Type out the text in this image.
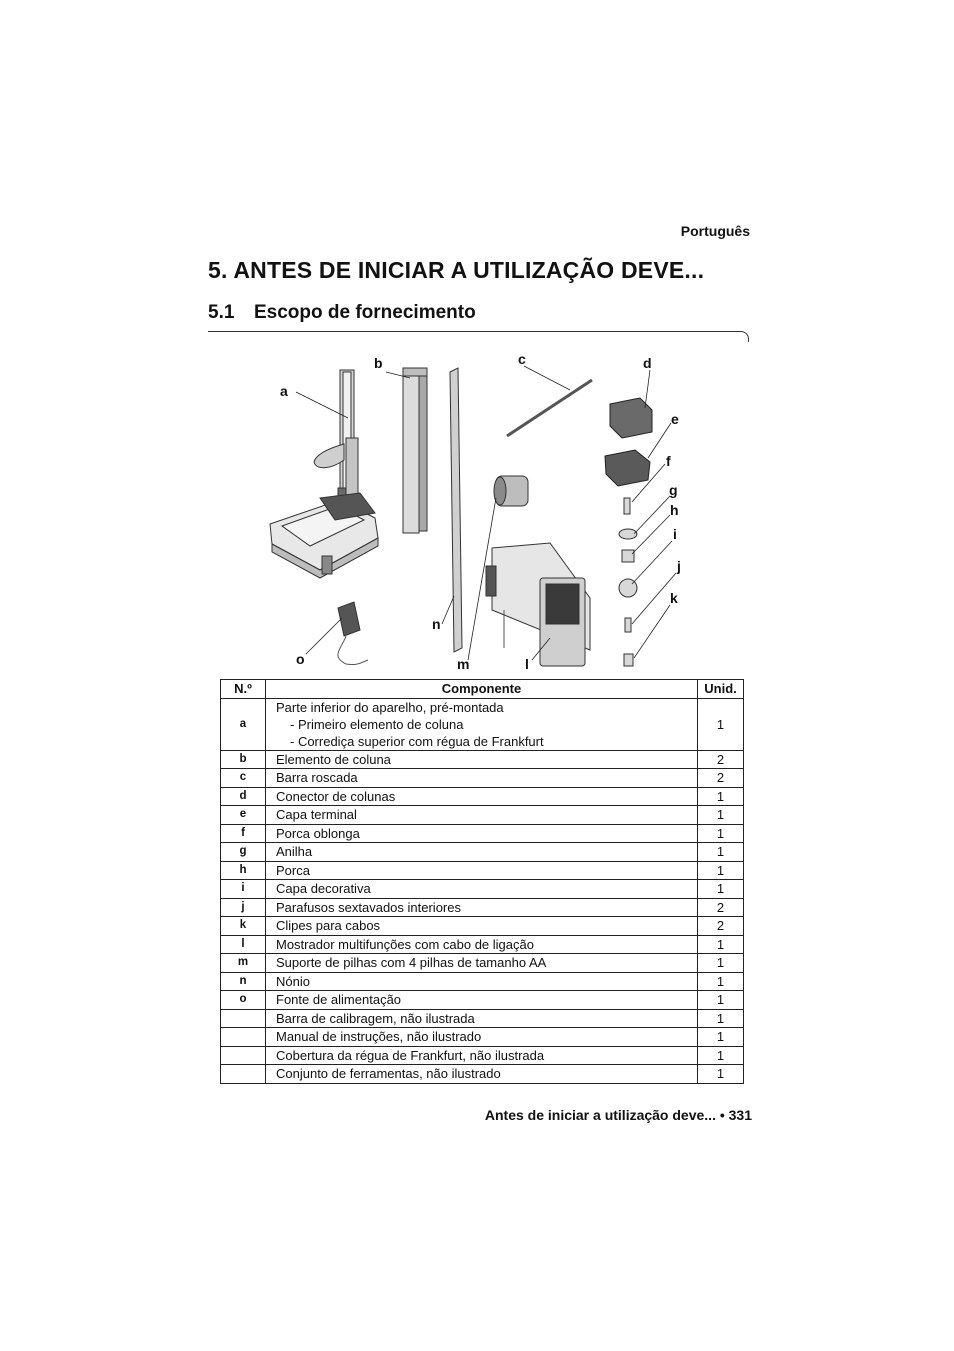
Português
5. ANTES DE INICIAR A UTILIZAÇÃO DEVE...
5.1 Escopo de fornecimento
a
b	c	d
e
f
g
h
i
j
k
l
m
n
o
N.º	Componente	Unid.
a	Parte inferior do aparelho, pré-montada
- Primeiro elemento de coluna
- Corrediça superior com régua de Frankfurt	1
b	Elemento de coluna	2
c	Barra roscada	2
d	Conector de colunas	1
e	Capa terminal	1
f	Porca oblonga	1
g	Anilha	1
h	Porca	1
i	Capa decorativa	1
j	Parafusos sextavados interiores	2
k	Clipes para cabos	2
l	Mostrador multifunções com cabo de ligação	1
m	Suporte de pilhas com 4 pilhas de tamanho AA	1
n	Nónio	1
o	Fonte de alimentação	1
	Barra de calibragem, não ilustrada	1
	Manual de instruções, não ilustrado	1
	Cobertura da régua de Frankfurt, não ilustrada	1
	Conjunto de ferramentas, não ilustrado	1
Antes de iniciar a utilização deve... • 331
